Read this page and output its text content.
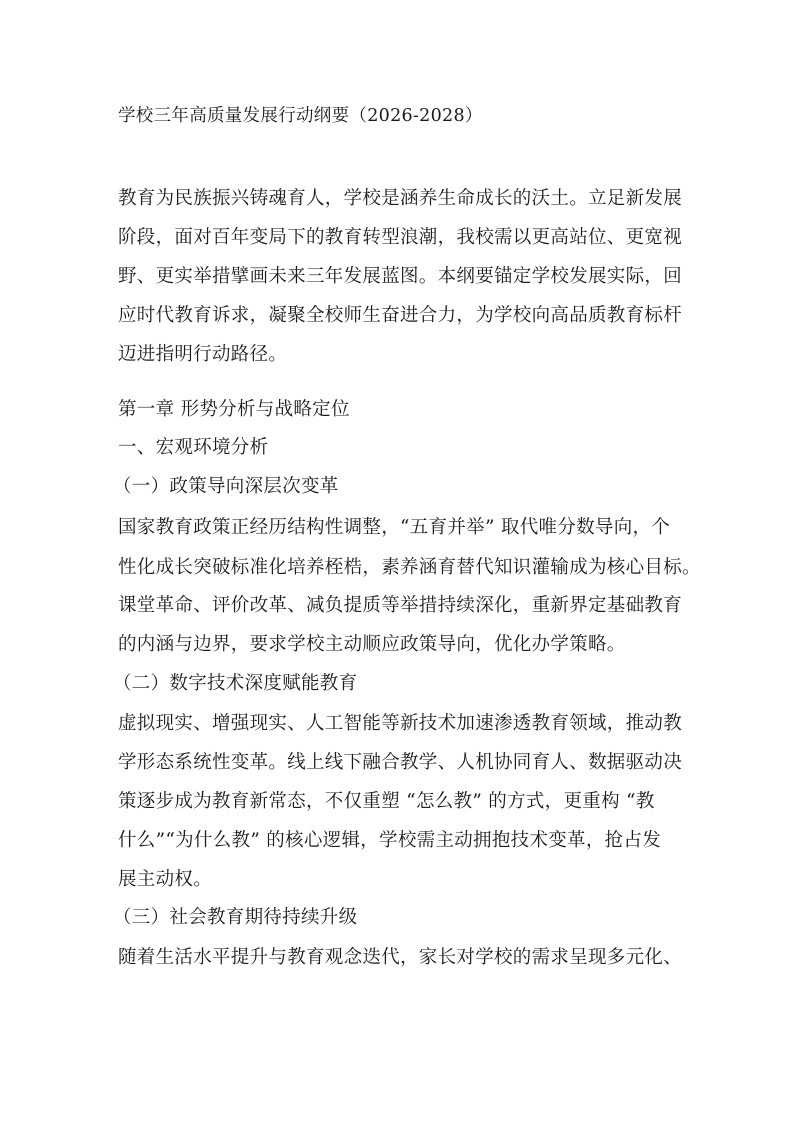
学校三年高质量发展行动纲要（2026-2028）
教育为民族振兴铸魂育人，学校是涵养生命成长的沃土。立足新发展
阶段，面对百年变局下的教育转型浪潮，我校需以更高站位、更宽视
野、更实举措擘画未来三年发展蓝图。本纲要锚定学校发展实际，回
应时代教育诉求，凝聚全校师生奋进合力，为学校向高品质教育标杆
迈进指明行动路径。
第一章 形势分析与战略定位
一、宏观环境分析
（一）政策导向深层次变革
国家教育政策正经历结构性调整，“五育并举” 取代唯分数导向，个
性化成长突破标准化培养桎梏，素养涵育替代知识灌输成为核心目标。
课堂革命、评价改革、减负提质等举措持续深化，重新界定基础教育
的内涵与边界，要求学校主动顺应政策导向，优化办学策略。
（二）数字技术深度赋能教育
虚拟现实、增强现实、人工智能等新技术加速渗透教育领域，推动教
学形态系统性变革。线上线下融合教学、人机协同育人、数据驱动决
策逐步成为教育新常态，不仅重塑 “怎么教” 的方式，更重构 “教
什么”“为什么教” 的核心逻辑，学校需主动拥抱技术变革，抢占发
展主动权。
（三）社会教育期待持续升级
随着生活水平提升与教育观念迭代，家长对学校的需求呈现多元化、
